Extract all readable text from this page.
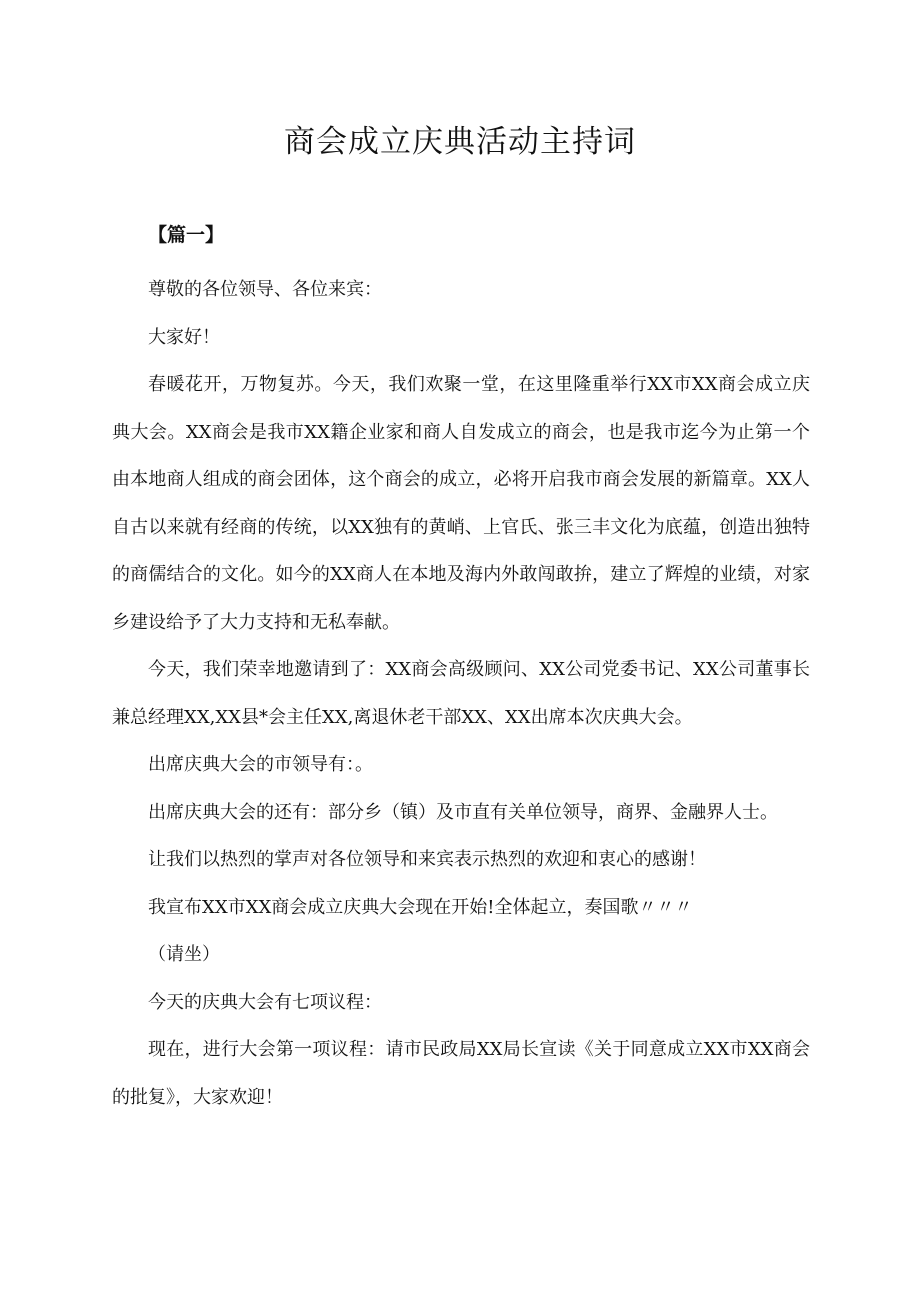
商会成立庆典活动主持词
【篇一】

尊敬的各位领导、各位来宾：

大家好！

春暖花开，万物复苏。今天，我们欢聚一堂，在这里隆重举行XX市XX商会成立庆典大会。XX商会是我市XX籍企业家和商人自发成立的商会，也是我市迄今为止第一个由本地商人组成的商会团体，这个商会的成立，必将开启我市商会发展的新篇章。XX人自古以来就有经商的传统，以XX独有的黄峭、上官氏、张三丰文化为底蕴，创造出独特的商儒结合的文化。如今的XX商人在本地及海内外敢闯敢拚，建立了辉煌的业绩，对家乡建设给予了大力支持和无私奉献。

今天，我们荣幸地邀请到了：XX商会高级顾问、XX公司党委书记、XX公司董事长兼总经理XX,XX县*会主任XX,离退休老干部XX、XX出席本次庆典大会。

出席庆典大会的市领导有：。

出席庆典大会的还有：部分乡（镇）及市直有关单位领导，商界、金融界人士。

让我们以热烈的掌声对各位领导和来宾表示热烈的欢迎和衷心的感谢！

我宣布XX市XX商会成立庆典大会现在开始!全体起立，奏国歌〃〃〃

（请坐）

今天的庆典大会有七项议程：

现在，进行大会第一项议程：请市民政局XX局长宣读《关于同意成立XX市XX商会的批复》，大家欢迎！
